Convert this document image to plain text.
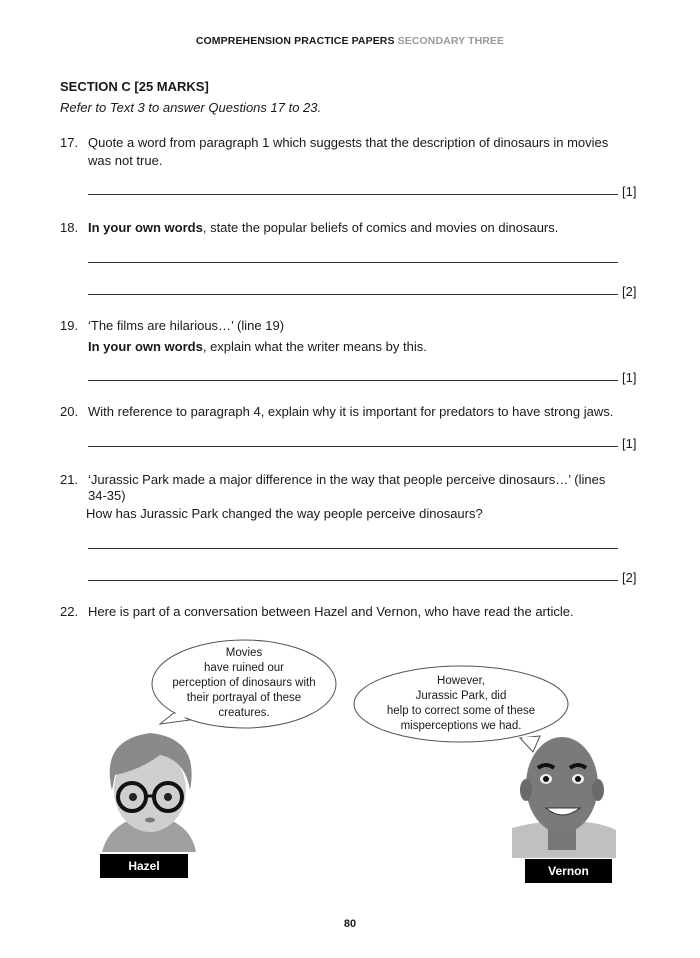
COMPREHENSION PRACTICE PAPERS SECONDARY THREE
SECTION C [25 MARKS]
Refer to Text 3 to answer Questions 17 to 23.
17. Quote a word from paragraph 1 which suggests that the description of dinosaurs in movies
was not true.
[1]
18. In your own words, state the popular beliefs of comics and movies on dinosaurs.
[2]
19. ‘The films are hilarious…’ (line 19)
In your own words, explain what the writer means by this.
[1]
20. With reference to paragraph 4, explain why it is important for predators to have strong jaws.
[1]
21. ‘Jurassic Park made a major difference in the way that people perceive dinosaurs…’ (lines
34-35)
How has Jurassic Park changed the way people perceive dinosaurs?
[2]
22. Here is part of a conversation between Hazel and Vernon, who have read the article.
Movies
have ruined our
perception of dinosaurs with
their portrayal of these
creatures.
However,
Jurassic Park, did
help to correct some of these
misperceptions we had.
Hazel	Vernon
80
